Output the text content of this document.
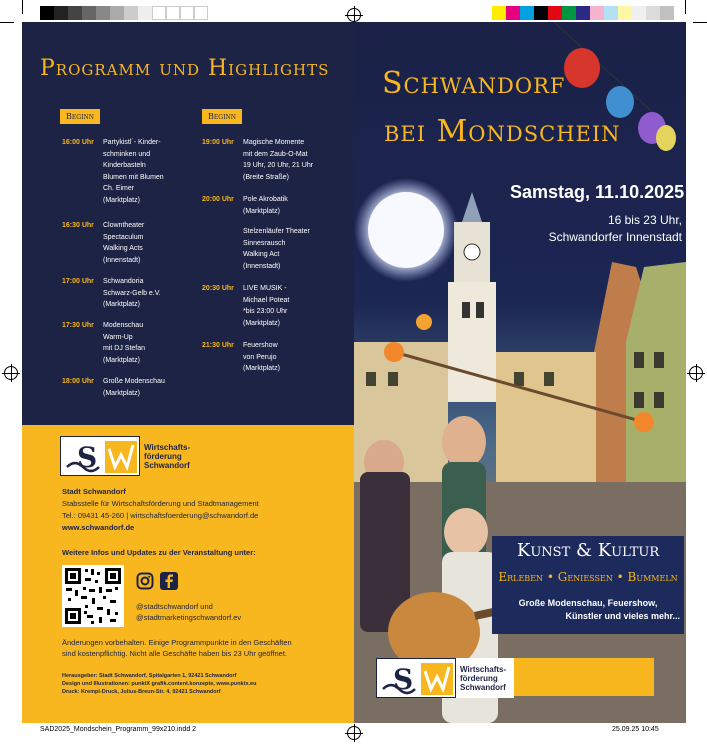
Programm und Highlights
Beginn	Beginn
16:00 Uhr Partykistl´- Kinder-
schminken und
Kinderbasteln
Blumen mit Blumen
Ch. Eimer
(Marktplatz)
16:30 Uhr Clowntheater
Spectaculum
Walking Acts
(Innenstadt)
17:00 Uhr Schwandoria
Schwarz-Gelb e.V.
(Marktplatz)
17:30 Uhr Modenschau
Warm-Up
mit DJ Stefan
(Marktplatz)
18:00 Uhr Große Modenschau
(Marktplatz)
19:00 Uhr Magische Momente
mit dem Zaub-O-Mat
19 Uhr, 20 Uhr, 21 Uhr
(Breite Straße)
20:00 Uhr Pole Akrobatik
(Marktplatz)
Stelzenläufer Theater
Sinnesrausch
Walking Act
(Innenstadt)
20:30 Uhr LIVE MUSIK -
Michael Poteat
*bis 23:00 Uhr
(Marktplatz)
21:30 Uhr Feuershow
von Perujo
(Marktplatz)
S	Wirtschafts-
förderung
Schwandorf
Stadt Schwandorf
Stabsstelle für Wirtschaftsförderung und Stadtmanagement
Tel.: 09431 45-260 | wirtschaftsfoerderung@schwandorf.de
www.schwandorf.de
Weitere Infos und Updates zu der Veranstaltung unter:
@stadtschwandorf und
@stadtmarketingschwandorf.ev
Änderungen vorbehalten. Einige Programmpunkte in den Geschäften
sind kostenpflichtig. Nicht alle Geschäfte haben bis 23 Uhr geöffnet.
Herausgeber: Stadt Schwandorf, Spitalgarten 1, 92421 Schwandorf
Design und Illustrationen: punktX grafik.content.konzepte, www.punktx.eu
Druck: Krempl-Druck, Julius-Breun-Str. 4, 92421 Schwandorf
Schwandorf
bei Mondschein
Samstag, 11.10.2025
16 bis 23 Uhr,
Schwandorfer Innenstadt
Kunst & Kultur
Erleben • Geniessen • Bummeln
Große Modenschau, Feuershow,
Künstler und vieles mehr...
S	Wirtschafts-
förderung
Schwandorf
SAD2025_Mondschein_Programm_99x210.indd 2	25.09.25 10:45
